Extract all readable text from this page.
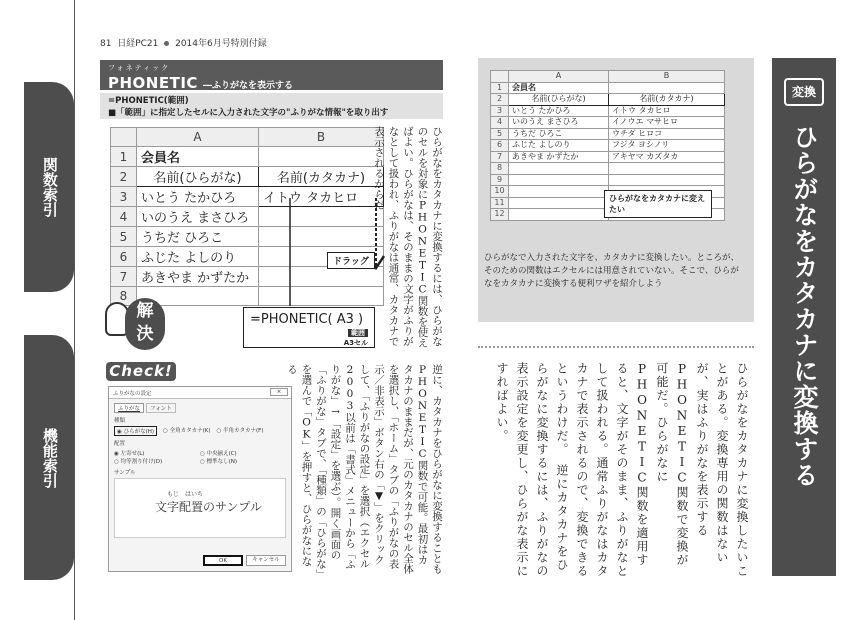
関数索引
機能索引
81 日経PC21 2014年6月号特別付録
フォネティック
PHONETIC ―ふりがなを表示する
=PHONETIC(範囲)
■「範囲」に指定したセルに入力された文字の"ふりがな情報"を取り出す
	A	B
1	会員名	
2	名前(ひらがな)	名前(カタカナ)
3	いとう たかひろ	イトウ タカヒロ
4	いのうえ まさひろ	
5	うちだ ひろこ	
6	ふじた よしのり	
7	あきやま かずたか	
8		
ドラッグ
=PHONETIC( A3 )
範囲
A3セル
解
決	ひらがなをカタカナに変換するには、ひらがなのセルを対象にPHONETIC関数を使えばよい。ひらがなは、そのままの文字がふりがなとして扱われ、ふりがなは通常、カタカナで表示されるからだ
Check!
ふりがなの設定	×
ふりがな	フォント
種類
◉ ひらがな(H)	○ 全角カタカナ(K) ○ 半角カタカナ(F)
配置
◉ 左寄せ(L)	○ 中央揃え(C)
○ 均等割り付け(D)	○ 標準なし(N)
サンプル
もじ　はいち
文字配置のサンプル
OK	キャンセル	逆に、カタカナをひらがなに変換することもPHONETIC関数で可能。最初はカタカナのままだが、元のカタカナのセル全体を選択し、「ホーム」タブの「ふりがなの表示／非表示」ボタン右の「▼」をクリックして、「ふりがなの設定」を選択（エクセル2003以前は「書式」メニューから「ふりがな」→「設定」を選ぶ）。開く画面の「ふりがな」タブで、「種類」の「ひらがな」を選んで「OK」を押すと、ひらがなになる
	A	B
1	会員名	
2	名前(ひらがな)	名前(カタカナ)
3	いとう たかひろ	イトウ タカヒロ
4	いのうえ まさひろ	イノウエ マサヒロ
5	うちだ ひろこ	ウチダ ヒロコ
6	ふじた よしのり	フジタ ヨシノリ
7	あきやま かずたか	アキヤマ カズタカ
8		
9		
10		
11		
12		
ひらがなをカタカナに変えたい
ひらがなで入力された文字を、カタカナに変換したい。ところが、そのための関数はエクセルには用意されていない。そこで、ひらがなをカタカナに変換する便利ワザを紹介しよう
ひらがなをカタカナに変換したいことがある。変換専用の関数はないが、実はふりがなを表示するPHONETIC関数で変換が可能だ。ひらがなにPHONETIC関数を適用すると、文字がそのまま、ふりがなとして扱われる。通常ふりがなはカタカナで表示されるので、変換できるというわけだ。　逆にカタカナをひらがなに変換するには、ふりがなの表示設定を変更し、ひらがな表示にすればよい。
変換
ひらがなをカタカナに変換する
